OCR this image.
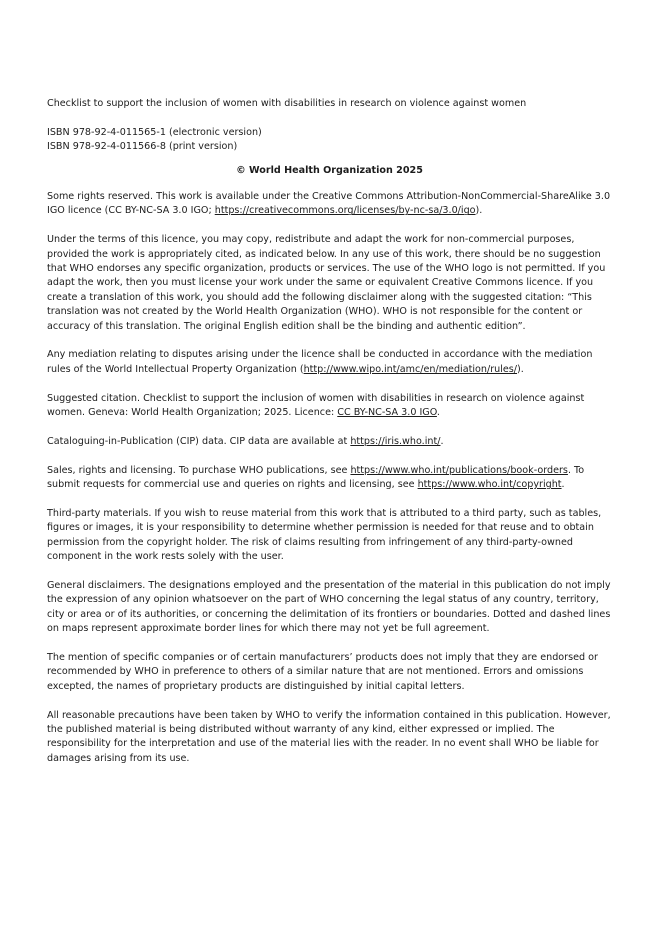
Checklist to support the inclusion of women with disabilities in research on violence against women

ISBN 978-92-4-011565-1 (electronic version)
ISBN 978-92-4-011566-8 (print version)

© World Health Organization 2025

Some rights reserved. This work is available under the Creative Commons Attribution-NonCommercial-ShareAlike 3.0 IGO licence (CC BY-NC-SA 3.0 IGO; https://creativecommons.org/licenses/by-nc-sa/3.0/igo).

Under the terms of this licence, you may copy, redistribute and adapt the work for non-commercial purposes, provided the work is appropriately cited, as indicated below. In any use of this work, there should be no suggestion that WHO endorses any specific organization, products or services. The use of the WHO logo is not permitted. If you adapt the work, then you must license your work under the same or equivalent Creative Commons licence. If you create a translation of this work, you should add the following disclaimer along with the suggested citation: “This translation was not created by the World Health Organization (WHO). WHO is not responsible for the content or accuracy of this translation. The original English edition shall be the binding and authentic edition”.

Any mediation relating to disputes arising under the licence shall be conducted in accordance with the mediation rules of the World Intellectual Property Organization (http://www.wipo.int/amc/en/mediation/rules/).

Suggested citation. Checklist to support the inclusion of women with disabilities in research on violence against women. Geneva: World Health Organization; 2025. Licence: CC BY-NC-SA 3.0 IGO.

Cataloguing-in-Publication (CIP) data. CIP data are available at https://iris.who.int/.

Sales, rights and licensing. To purchase WHO publications, see https://www.who.int/publications/book-orders. To submit requests for commercial use and queries on rights and licensing, see https://www.who.int/copyright.

Third-party materials. If you wish to reuse material from this work that is attributed to a third party, such as tables, figures or images, it is your responsibility to determine whether permission is needed for that reuse and to obtain permission from the copyright holder. The risk of claims resulting from infringement of any third-party-owned component in the work rests solely with the user.

General disclaimers. The designations employed and the presentation of the material in this publication do not imply the expression of any opinion whatsoever on the part of WHO concerning the legal status of any country, territory, city or area or of its authorities, or concerning the delimitation of its frontiers or boundaries. Dotted and dashed lines on maps represent approximate border lines for which there may not yet be full agreement.

The mention of specific companies or of certain manufacturers’ products does not imply that they are endorsed or recommended by WHO in preference to others of a similar nature that are not mentioned. Errors and omissions excepted, the names of proprietary products are distinguished by initial capital letters.

All reasonable precautions have been taken by WHO to verify the information contained in this publication. However, the published material is being distributed without warranty of any kind, either expressed or implied. The responsibility for the interpretation and use of the material lies with the reader. In no event shall WHO be liable for damages arising from its use.
